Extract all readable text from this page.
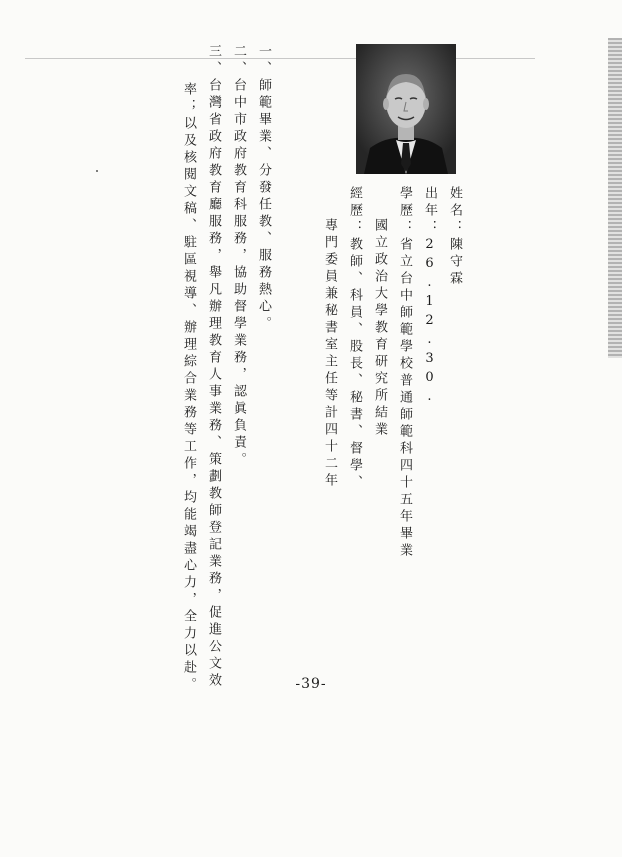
姓名：陳守霖
出年：26.12.30.
學歷：省立台中師範學校普通師範科四十五年畢業
國立政治大學教育研究所結業
經歷：教師、科員、股長、秘書、督學、
專門委員兼秘書室主任等計四十二年
一、師範畢業、分發任教、服務熱心。
二、台中市政府教育科服務，協助督學業務，認眞負責。
三、台灣省政府教育廳服務，舉凡辦理教育人事業務、策劃教師登記業務，促進公文效
率；以及核閱文稿、駐區視導、辦理綜合業務等工作，均能竭盡心力，全力以赴。	-39-
